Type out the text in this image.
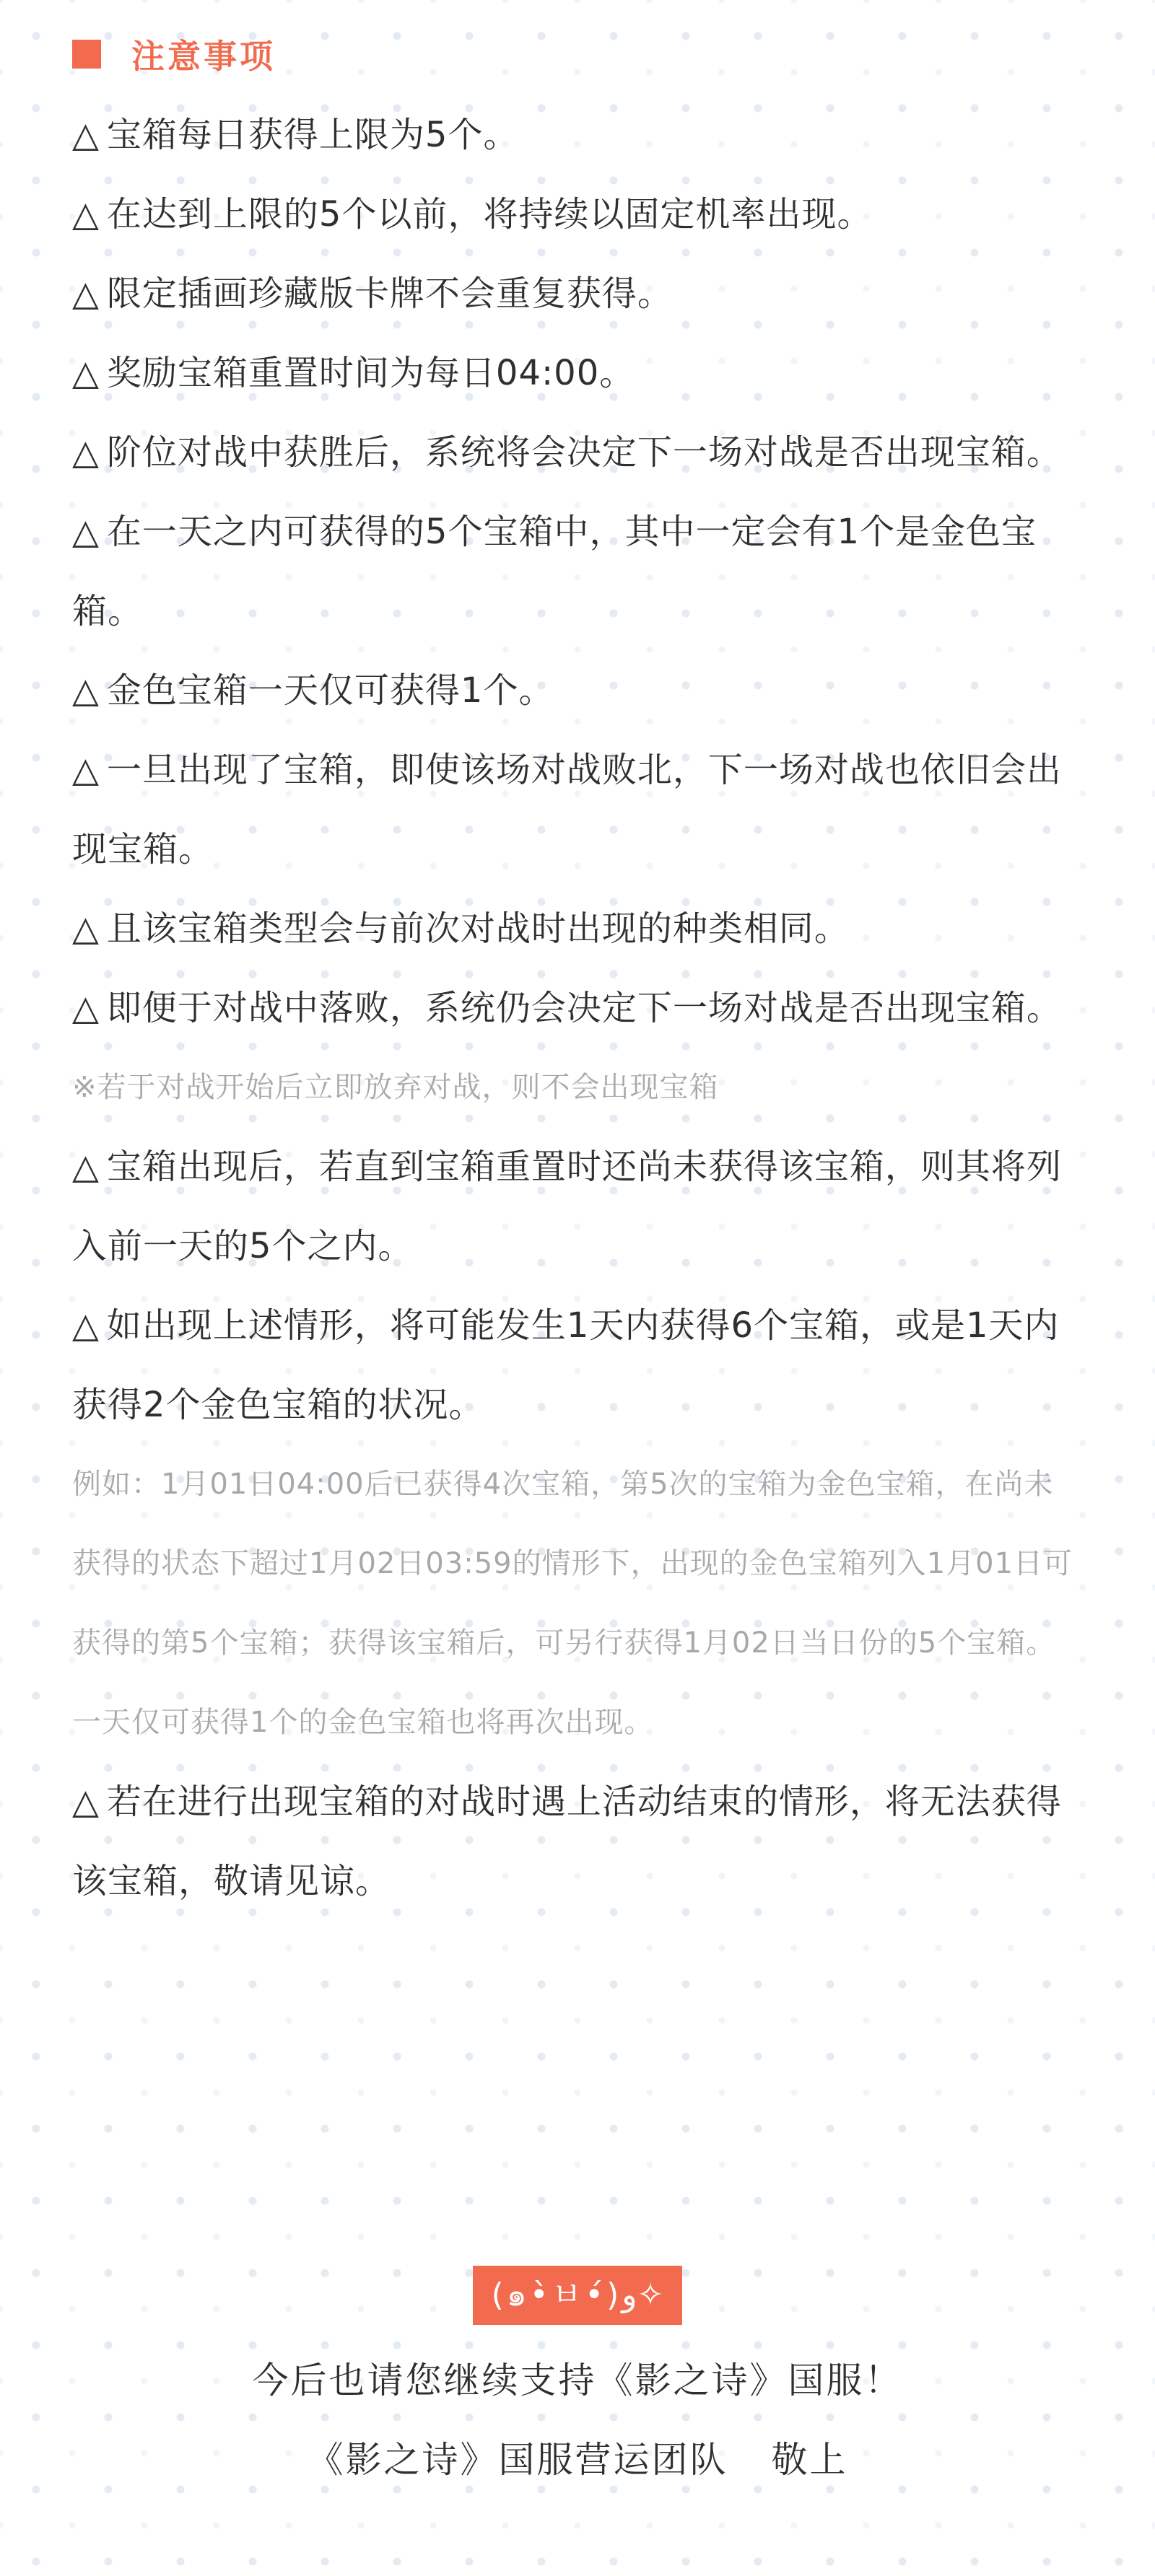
注意事项

△ 宝箱每日获得上限为5个。

△ 在达到上限的5个以前，将持续以固定机率出现。

△ 限定插画珍藏版卡牌不会重复获得。

△ 奖励宝箱重置时间为每日04:00。

△ 阶位对战中获胜后，系统将会决定下一场对战是否出现宝箱。

△ 在一天之内可获得的5个宝箱中，其中一定会有1个是金色宝箱。

△ 金色宝箱一天仅可获得1个。

△ 一旦出现了宝箱，即使该场对战败北，下一场对战也依旧会出现宝箱。

△ 且该宝箱类型会与前次对战时出现的种类相同。

△ 即便于对战中落败，系统仍会决定下一场对战是否出现宝箱。

※若于对战开始后立即放弃对战，则不会出现宝箱

△ 宝箱出现后，若直到宝箱重置时还尚未获得该宝箱，则其将列入前一天的5个之内。

△ 如出现上述情形，将可能发生1天内获得6个宝箱，或是1天内获得2个金色宝箱的状况。

例如：1月01日04:00后已获得4次宝箱，第5次的宝箱为金色宝箱，在尚未获得的状态下超过1月02日03:59的情形下，出现的金色宝箱列入1月01日可获得的第5个宝箱；获得该宝箱后，可另行获得1月02日当日份的5个宝箱。一天仅可获得1个的金色宝箱也将再次出现。

△ 若在进行出现宝箱的对战时遇上活动结束的情形，将无法获得该宝箱，敬请见谅。

(๑•̀ㅂ•́)و✧
今后也请您继续支持《影之诗》国服！
《影之诗》国服营运团队 敬上
